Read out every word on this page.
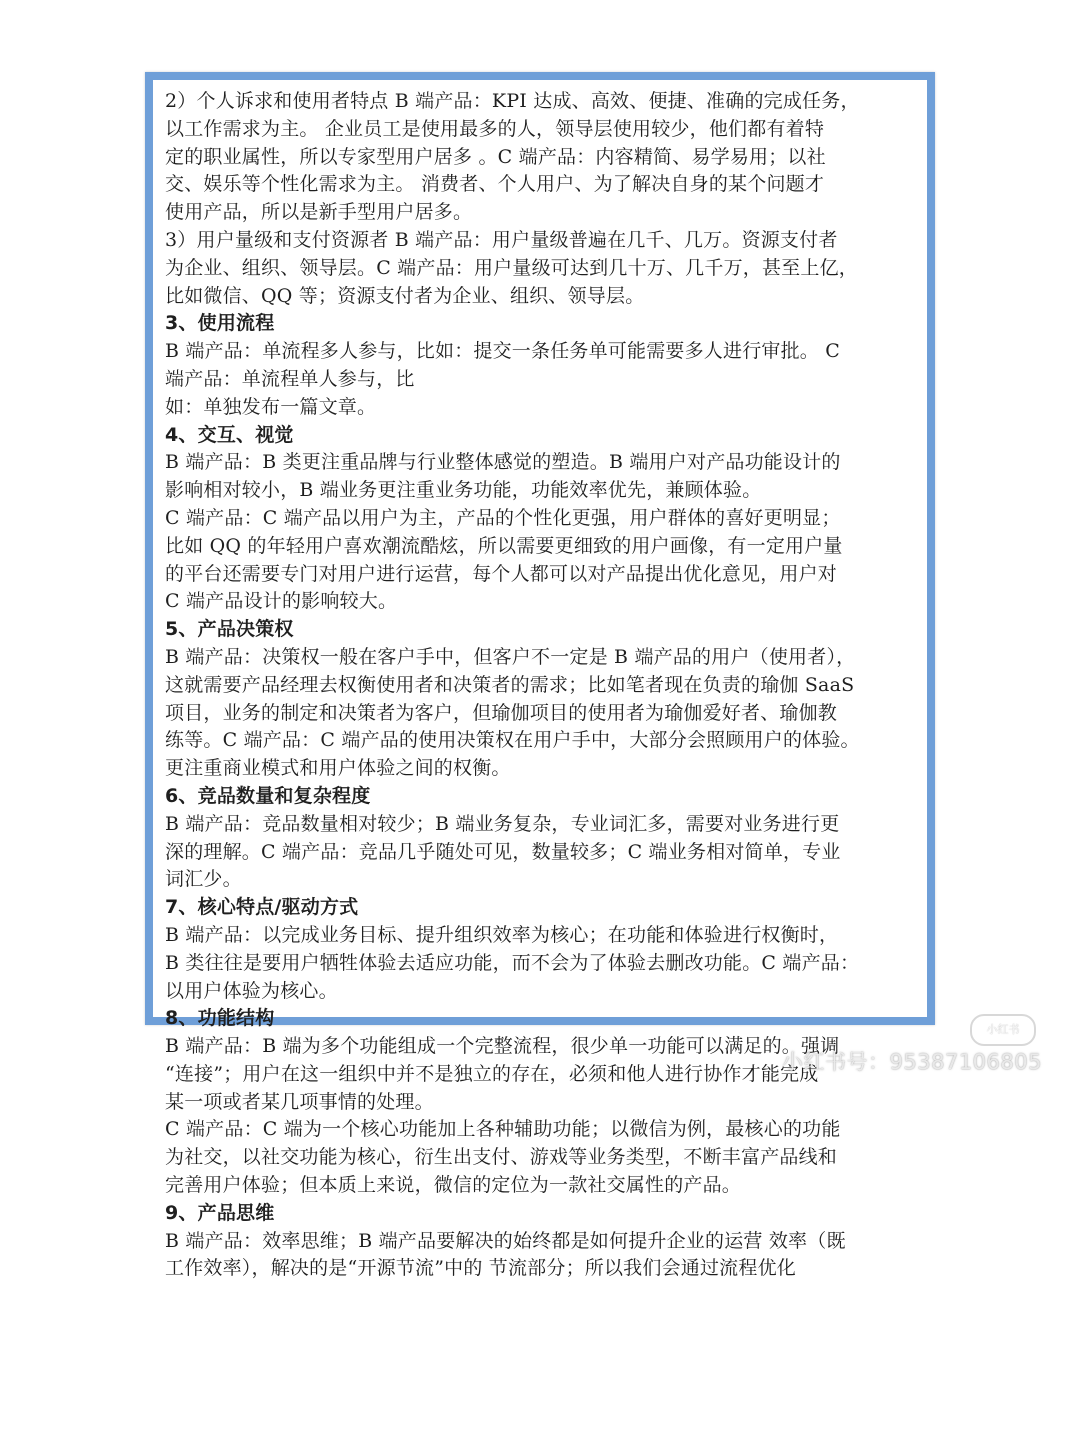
2）个人诉求和使用者特点 B 端产品：KPI 达成、高效、便捷、准确的完成任务，
以工作需求为主。 企业员工是使用最多的人，领导层使用较少，他们都有着特
定的职业属性，所以专家型用户居多 。C 端产品：内容精简、易学易用；以社
交、娱乐等个性化需求为主。 消费者、个人用户、为了解决自身的某个问题才
使用产品，所以是新手型用户居多。
3）用户量级和支付资源者 B 端产品：用户量级普遍在几千、几万。资源支付者
为企业、组织、领导层。C 端产品：用户量级可达到几十万、几千万，甚至上亿，
比如微信、QQ 等；资源支付者为企业、组织、领导层。
3、使用流程
B 端产品：单流程多人参与，比如：提交一条任务单可能需要多人进行审批。 C
端产品：单流程单人参与，比
如：单独发布一篇文章。
4、交互、视觉
B 端产品：B 类更注重品牌与行业整体感觉的塑造。B 端用户对产品功能设计的
影响相对较小，B 端业务更注重业务功能，功能效率优先，兼顾体验。
C 端产品：C 端产品以用户为主，产品的个性化更强，用户群体的喜好更明显；
比如 QQ 的年轻用户喜欢潮流酷炫，所以需要更细致的用户画像，有一定用户量
的平台还需要专门对用户进行运营，每个人都可以对产品提出优化意见，用户对
C 端产品设计的影响较大。
5、产品决策权
B 端产品：决策权一般在客户手中，但客户不一定是 B 端产品的用户（使用者），
这就需要产品经理去权衡使用者和决策者的需求；比如笔者现在负责的瑜伽 SaaS
项目，业务的制定和决策者为客户，但瑜伽项目的使用者为瑜伽爱好者、瑜伽教
练等。C 端产品：C 端产品的使用决策权在用户手中，大部分会照顾用户的体验。
更注重商业模式和用户体验之间的权衡。
6、竞品数量和复杂程度
B 端产品：竞品数量相对较少；B 端业务复杂，专业词汇多，需要对业务进行更
深的理解。C 端产品：竞品几乎随处可见，数量较多；C 端业务相对简单，专业
词汇少。
7、核心特点/驱动方式
B 端产品：以完成业务目标、提升组织效率为核心；在功能和体验进行权衡时，
B 类往往是要用户牺牲体验去适应功能，而不会为了体验去删改功能。C 端产品：
以用户体验为核心。
8、功能结构
B 端产品：B 端为多个功能组成一个完整流程，很少单一功能可以满足的。强调
“连接”；用户在这一组织中并不是独立的存在，必须和他人进行协作才能完成
某一项或者某几项事情的处理。
C 端产品：C 端为一个核心功能加上各种辅助功能；以微信为例，最核心的功能
为社交，以社交功能为核心，衍生出支付、游戏等业务类型，不断丰富产品线和
完善用户体验；但本质上来说，微信的定位为一款社交属性的产品。
9、产品思维
B 端产品：效率思维；B 端产品要解决的始终都是如何提升企业的运营 效率（既
工作效率），解决的是“开源节流”中的 节流部分；所以我们会通过流程优化
小红书
小红书号：95387106805
